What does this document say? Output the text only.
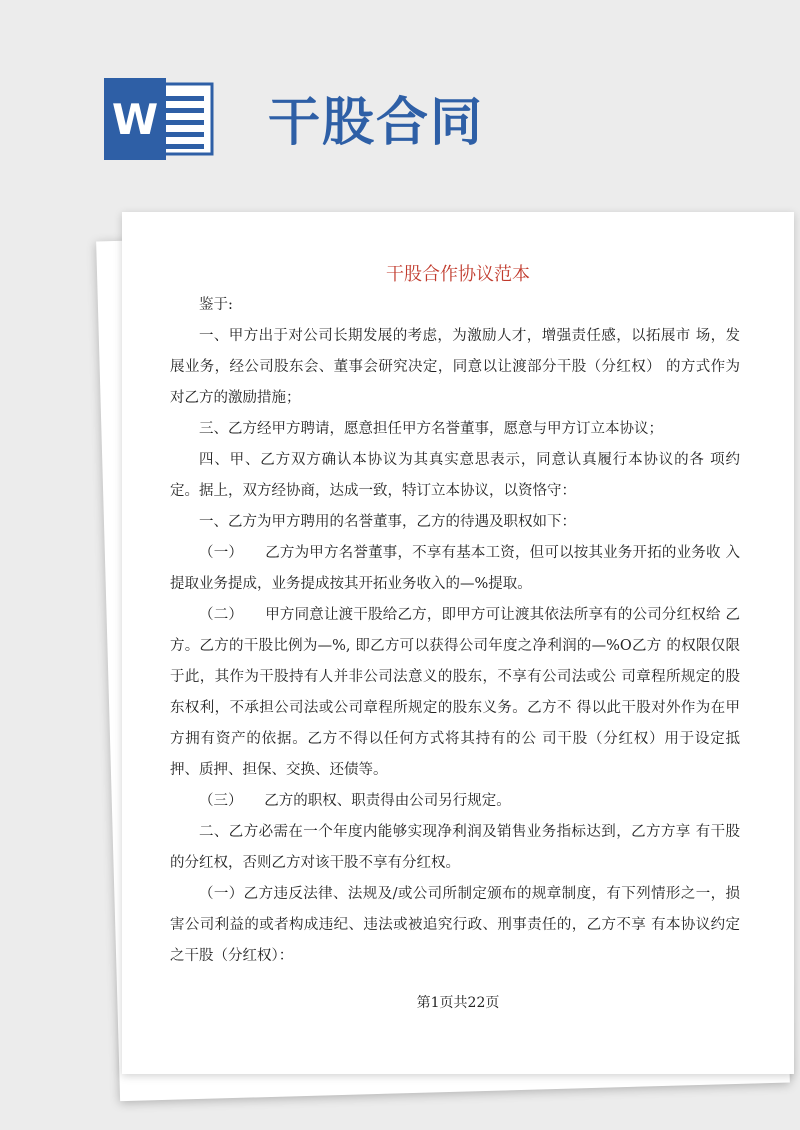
W 干股合同
干股合作协议范本

鉴于:

一、甲方出于对公司长期发展的考虑，为激励人才，增强责任感，以拓展市 场，发展业务，经公司股东会、董事会研究决定，同意以让渡部分干股（分红权） 的方式作为对乙方的激励措施；

三、乙方经甲方聘请，愿意担任甲方名誉董事，愿意与甲方订立本协议；

四、甲、乙方双方确认本协议为其真实意思表示，同意认真履行本协议的各 项约定。据上，双方经协商，达成一致，特订立本协议，以资恪守：

一、乙方为甲方聘用的名誉董事，乙方的待遇及职权如下：

（一）　　乙方为甲方名誉董事，不享有基本工资，但可以按其业务开拓的业务收 入提取业务提成，业务提成按其开拓业务收入的—%提取。

（二）　　甲方同意让渡干股给乙方，即甲方可让渡其依法所享有的公司分红权给 乙方。乙方的干股比例为—%, 即乙方可以获得公司年度之净利润的—%O乙方 的权限仅限于此，其作为干股持有人并非公司法意义的股东，不享有公司法或公 司章程所规定的股东权利，不承担公司法或公司章程所规定的股东义务。乙方不 得以此干股对外作为在甲方拥有资产的依据。乙方不得以任何方式将其持有的公 司干股（分红权）用于设定抵押、质押、担保、交换、还债等。

（三）　　乙方的职权、职责得由公司另行规定。

二、乙方必需在一个年度内能够实现净利润及销售业务指标达到，乙方方享 有干股的分红权，否则乙方对该干股不享有分红权。

（一）乙方违反法律、法规及/或公司所制定颁布的规章制度，有下列情形之一，损害公司利益的或者构成违纪、违法或被追究行政、刑事责任的，乙方不享 有本协议约定之干股（分红权）：

第1页共22页
